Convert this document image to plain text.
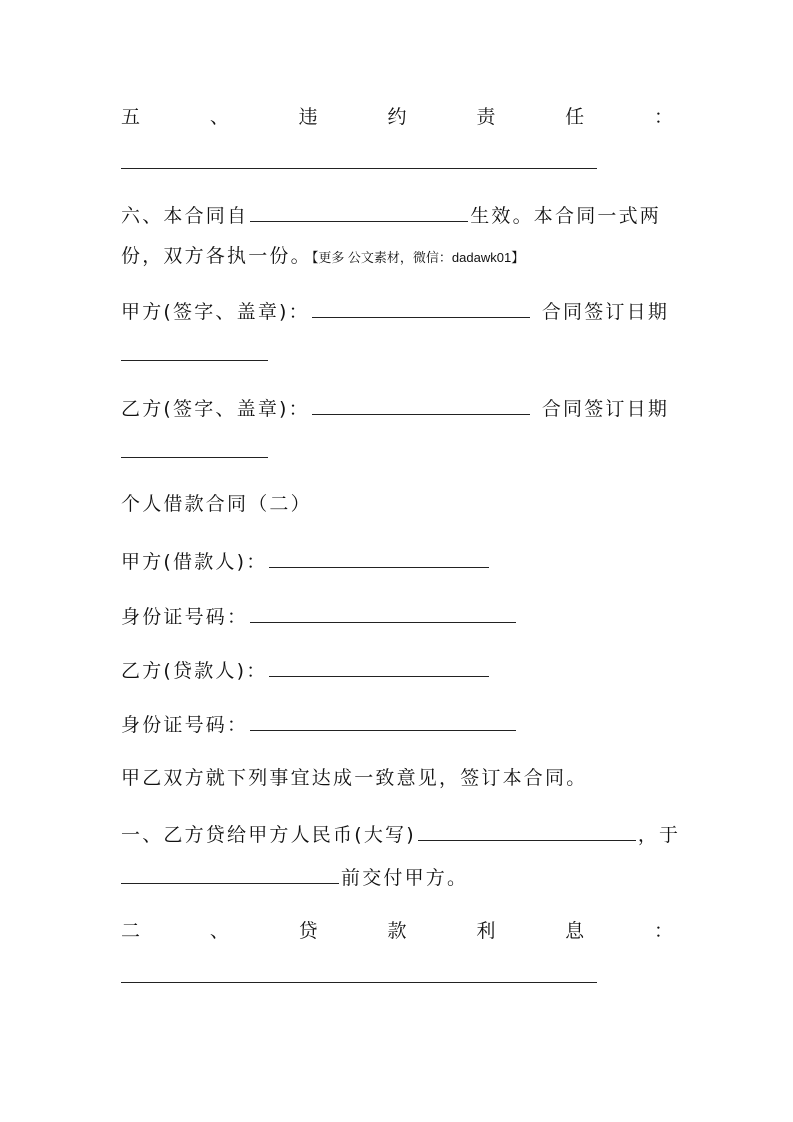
五	、	违	约	责	任	：
六、本合同自	生效。本合同一式两
份，双方各执一份。【更多 公文素材，微信：dadawk01】
甲方(签字、盖章)：	合同签订日期
乙方(签字、盖章)：	合同签订日期
个人借款合同（二）
甲方(借款人)：
身份证号码：
乙方(贷款人)：
身份证号码：
甲乙双方就下列事宜达成一致意见，签订本合同。
一、乙方贷给甲方人民币(大写)	，于
前交付甲方。
二	、	贷	款	利	息	：
